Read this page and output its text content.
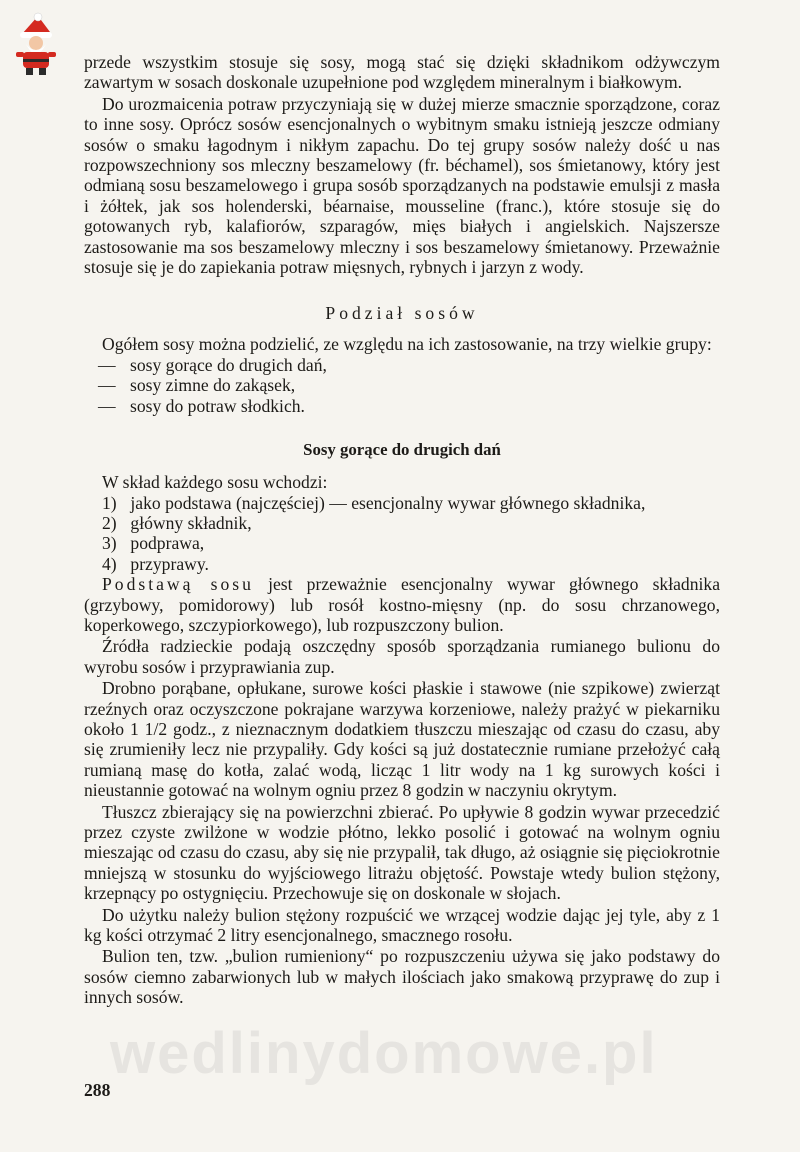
przede wszystkim stosuje się sosy, mogą stać się dzięki składnikom odżywczym zawartym w sosach doskonale uzupełnione pod względem mineralnym i białkowym.

Do urozmaicenia potraw przyczyniają się w dużej mierze smacznie sporządzone, coraz to inne sosy. Oprócz sosów esencjonalnych o wybitnym smaku istnieją jeszcze odmiany sosów o smaku łagodnym i nikłym zapachu. Do tej grupy sosów należy dość u nas rozpowszechniony sos mleczny beszamelowy (fr. béchamel), sos śmietanowy, który jest odmianą sosu beszamelowego i grupa sosób sporządzanych na podstawie emulsji z masła i żółtek, jak sos holenderski, béarnaise, mousseline (franc.), które stosuje się do gotowanych ryb, kalafiorów, szparagów, mięs białych i angielskich. Najszersze zastosowanie ma sos beszamelowy mleczny i sos beszamelowy śmietanowy. Przeważnie stosuje się je do zapiekania potraw mięsnych, rybnych i jarzyn z wody.

Podział sosów

Ogółem sosy można podzielić, ze względu na ich zastosowanie, na trzy wielkie grupy:

— sosy gorące do drugich dań,
— sosy zimne do zakąsek,
— sosy do potraw słodkich.
Sosy gorące do drugich dań

W skład każdego sosu wchodzi:

1) jako podstawa (najczęściej) — esencjonalny wywar głównego składnika,
2) główny składnik,
3) podprawa,
4) przyprawy.

Podstawą sosu jest przeważnie esencjonalny wywar głównego składnika (grzybowy, pomidorowy) lub rosół kostno-mięsny (np. do sosu chrzanowego, koperkowego, szczypiorkowego), lub rozpuszczony bulion.

Źródła radzieckie podają oszczędny sposób sporządzania rumianego bulionu do wyrobu sosów i przyprawiania zup.

Drobno porąbane, opłukane, surowe kości płaskie i stawowe (nie szpikowe) zwierząt rzeźnych oraz oczyszczone pokrajane warzywa korzeniowe, należy prażyć w piekarniku około 1 1/2 godz., z nieznacznym dodatkiem tłuszczu mieszając od czasu do czasu, aby się zrumieniły lecz nie przypaliły. Gdy kości są już dostatecznie rumiane przełożyć całą rumianą masę do kotła, zalać wodą, licząc 1 litr wody na 1 kg surowych kości i nieustannie gotować na wolnym ogniu przez 8 godzin w naczyniu okrytym.

Tłuszcz zbierający się na powierzchni zbierać. Po upływie 8 godzin wywar przecedzić przez czyste zwilżone w wodzie płótno, lekko posolić i gotować na wolnym ogniu mieszając od czasu do czasu, aby się nie przypalił, tak długo, aż osiągnie się pięciokrotnie mniejszą w stosunku do wyjściowego litrażu objętość. Powstaje wtedy bulion stężony, krzepnący po ostygnięciu. Przechowuje się on doskonale w słojach.

Do użytku należy bulion stężony rozpuścić we wrzącej wodzie dając jej tyle, aby z 1 kg kości otrzymać 2 litry esencjonalnego, smacznego rosołu.

Bulion ten, tzw. „bulion rumieniony“ po rozpuszczeniu używa się jako podstawy do sosów ciemno zabarwionych lub w małych ilościach jako smakową przyprawę do zup i innych sosów.

wedlinydomowe.pl
288
